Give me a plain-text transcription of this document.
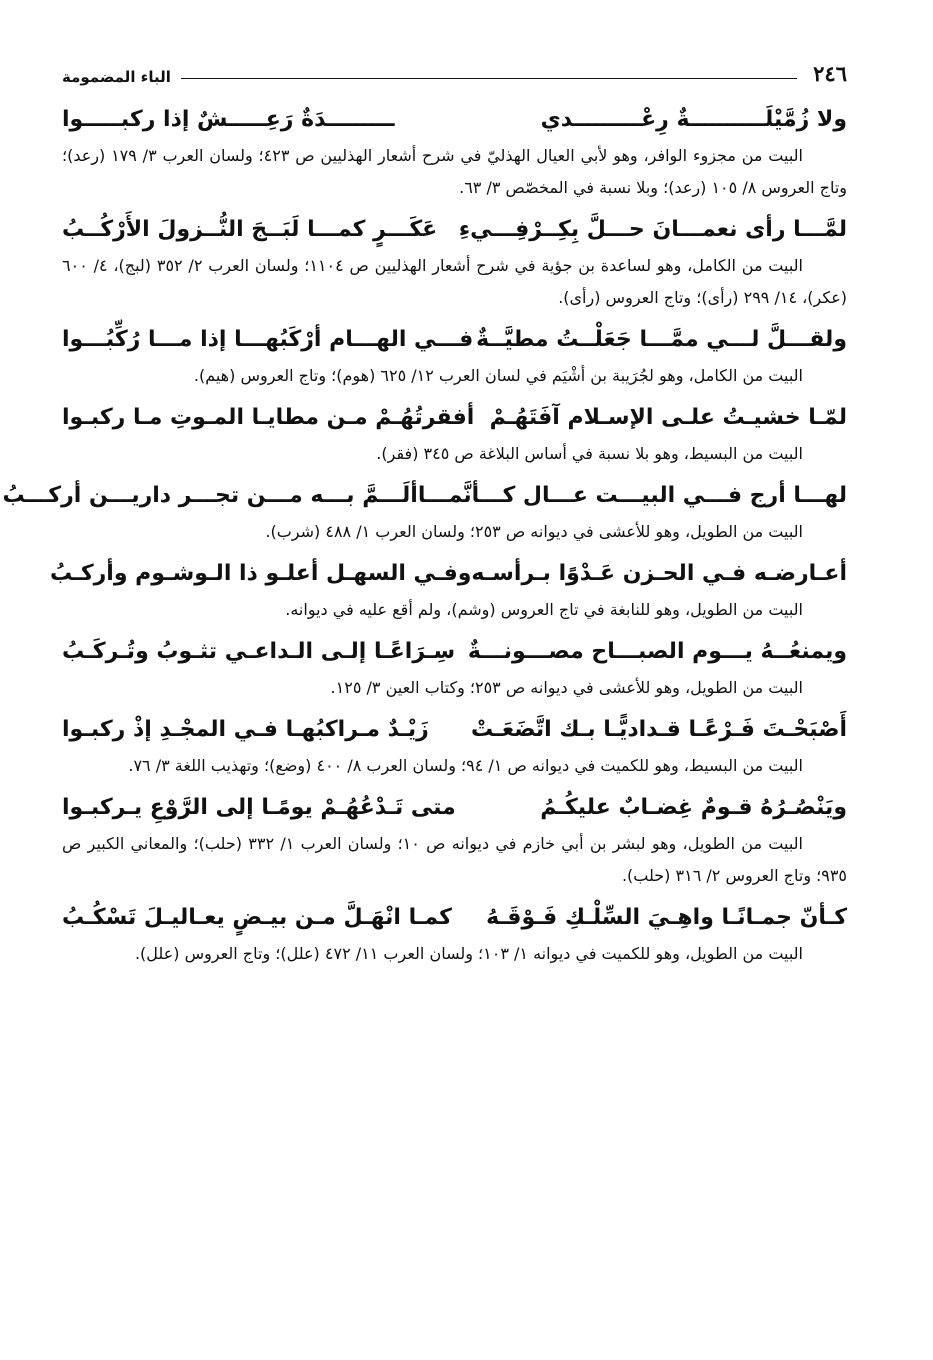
٢٤٦
الباء المضمومة
ولا زُمَّيْلَــــــــــةٌ رِعْـــــــــدي
ـــــــــدَةٌ رَعِـــــشٌ إذا ركبـــــوا

البيت من مجزوء الوافر، وهو لأبي العيال الهذليّ في شرح أشعار الهذليين ص ٤٢٣؛ ولسان العرب ٣/ ١٧٩ (رعد)؛ وتاج العروس ٨/ ١٠٥ (رعد)؛ وبلا نسبة في المخصّص ٣/ ٦٣.

لمَّـــا رأى نعمـــانَ حـــلَّ بِكِــرْفِـــيءِ
عَكَـــرٍ كمـــا لَبَــجَ النُّــزولَ الأَرْكُــبُ

البيت من الكامل، وهو لساعدة بن جؤية في شرح أشعار الهذليين ص ١١٠٤؛ ولسان العرب ٢/ ٣٥٢ (لبج)، ٤/ ٦٠٠ (عكر)، ١٤/ ٢٩٩ (رأى)؛ وتاج العروس (رأى).

ولقـــلَّ لـــي ممَّـــا جَعَلْــتُ مطيَّــةٌ
فـــي الهـــام أرْكَبُهـــا إذا مـــا رُكِّبُـــوا

البيت من الكامل، وهو لجُرَيبة بن أشْيَم في لسان العرب ١٢/ ٦٢٥ (هوم)؛ وتاج العروس (هيم).

لمّـا خشيـتُ علـى الإسـلام آفَتَهُـمْ
أفقرتُهُـمْ مـن مطايـا المـوتِ مـا ركبـوا

البيت من البسيط، وهو بلا نسبة في أساس البلاغة ص ٣٤٥ (فقر).

لهـــا أرج فـــي البيـــت عـــال كـــأنَّمـــا
ألَـــمَّ بـــه مـــن تجـــر داريـــن أركـــبُ

البيت من الطويل، وهو للأعشى في ديوانه ص ٢٥٣؛ ولسان العرب ١/ ٤٨٨ (شرب).

أعـارضـه فـي الحـزن عَـدْوًا بـرأسـه
وفـي السهـل أعلـو ذا الـوشـوم وأركـبُ

البيت من الطويل، وهو للنابغة في تاج العروس (وشم)، ولم أقع عليه في ديوانه.

ويمنعُــهُ يـــوم الصبـــاح مصـــونـــةٌ
سِـرَاعًـا إلـى الـداعـي تثـوبُ وتُـركَـبُ

البيت من الطويل، وهو للأعشى في ديوانه ص ٢٥٣؛ وكتاب العين ٣/ ١٢٥.

أَصْبَحْـتَ فَـرْعًـا قـداديًّـا بـك اتَّضَعَـتْ
زَيْـدٌ مـراكبُهـا فـي المجْـدِ إذْ ركبـوا

البيت من البسيط، وهو للكميت في ديوانه ص ١/ ٩٤؛ ولسان العرب ٨/ ٤٠٠ (وضع)؛ وتهذيب اللغة ٣/ ٧٦.

ويَنْصُـرُهُ قـومٌ غِضـابٌ عليكُـمُ
متى تَـدْعُهُـمْ يومًـا إلى الرَّوْعِ يـركبـوا

البيت من الطويل، وهو لبشر بن أبي خازم في ديوانه ص ١٠؛ ولسان العرب ١/ ٣٣٢ (حلب)؛ والمعاني الكبير ص ٩٣٥؛ وتاج العروس ٢/ ٣١٦ (حلب).

كـأنّ جمـانًـا واهِـيَ السِّلْـكِ فَـوْقَـهُ
كمـا انْهَـلَّ مـن بيـضٍ يعـاليـلَ تَسْكُـبُ

البيت من الطويل، وهو للكميت في ديوانه ١/ ١٠٣؛ ولسان العرب ١١/ ٤٧٢ (علل)؛ وتاج العروس (علل).
